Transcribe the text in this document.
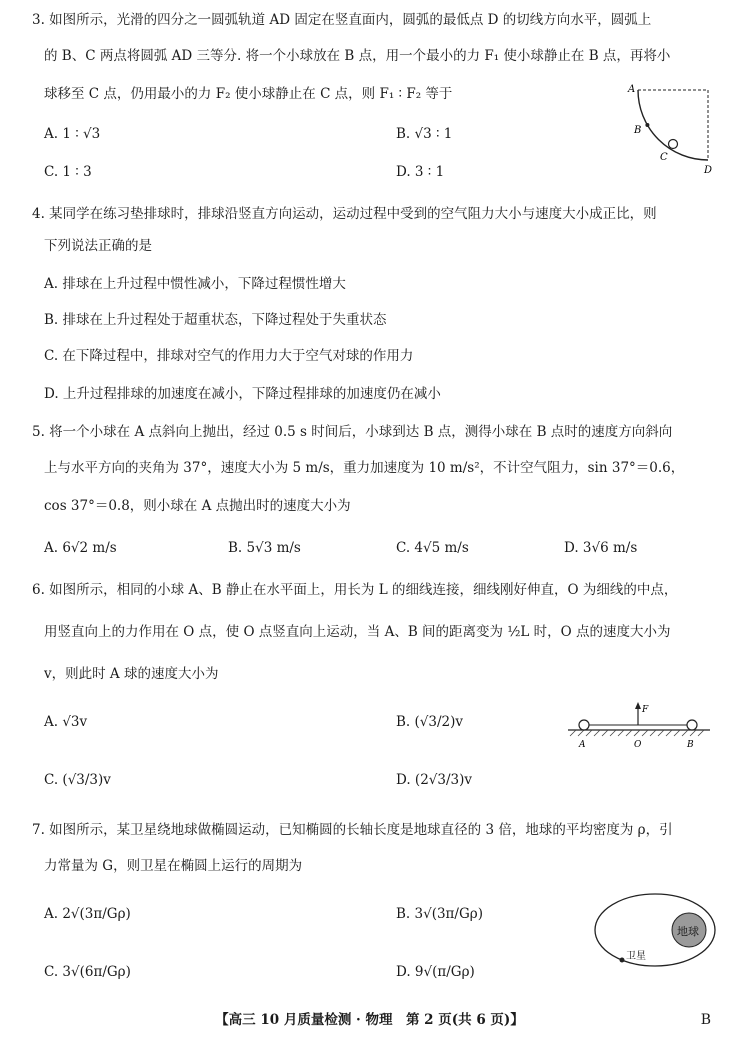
3. 如图所示，光滑的四分之一圆弧轨道 AD 固定在竖直面内，圆弧的最低点 D 的切线方向水平，圆弧上
的 B、C 两点将圆弧 AD 三等分. 将一个小球放在 B 点，用一个最小的力 F₁ 使小球静止在 B 点，再将小
球移至 C 点，仍用最小的力 F₂ 使小球静止在 C 点，则 F₁ ∶ F₂ 等于
A. 1 ∶ √3	B. √3 ∶ 1
C. 1 ∶ 3	D. 3 ∶ 1
A
B
C
D
4. 某同学在练习垫排球时，排球沿竖直方向运动，运动过程中受到的空气阻力大小与速度大小成正比，则
下列说法正确的是
A. 排球在上升过程中惯性减小，下降过程惯性增大
B. 排球在上升过程处于超重状态，下降过程处于失重状态
C. 在下降过程中，排球对空气的作用力大于空气对球的作用力
D. 上升过程排球的加速度在减小，下降过程排球的加速度仍在减小
5. 将一个小球在 A 点斜向上抛出，经过 0.5 s 时间后，小球到达 B 点，测得小球在 B 点时的速度方向斜向
上与水平方向的夹角为 37°，速度大小为 5 m/s，重力加速度为 10 m/s²，不计空气阻力，sin 37°＝0.6，
cos 37°＝0.8，则小球在 A 点抛出时的速度大小为
A. 6√2 m/s	B. 5√3 m/s	C. 4√5 m/s	D. 3√6 m/s
6. 如图所示，相同的小球 A、B 静止在水平面上，用长为 L 的细线连接，细线刚好伸直，O 为细线的中点，
用竖直向上的力作用在 O 点，使 O 点竖直向上运动，当 A、B 间的距离变为 ½L 时，O 点的速度大小为
v，则此时 A 球的速度大小为
A. √3v	B. (√3/2)v
C. (√3/3)v	D. (2√3/3)v
F
A	O	B
7. 如图所示，某卫星绕地球做椭圆运动，已知椭圆的长轴长度是地球直径的 3 倍，地球的平均密度为 ρ，引
力常量为 G，则卫星在椭圆上运行的周期为
A. 2√(3π/Gρ)	B. 3√(3π/Gρ)
C. 3√(6π/Gρ)	D. 9√(π/Gρ)
地球
卫星
【高三 10 月质量检测 · 物理　第 2 页(共 6 页)】	B
